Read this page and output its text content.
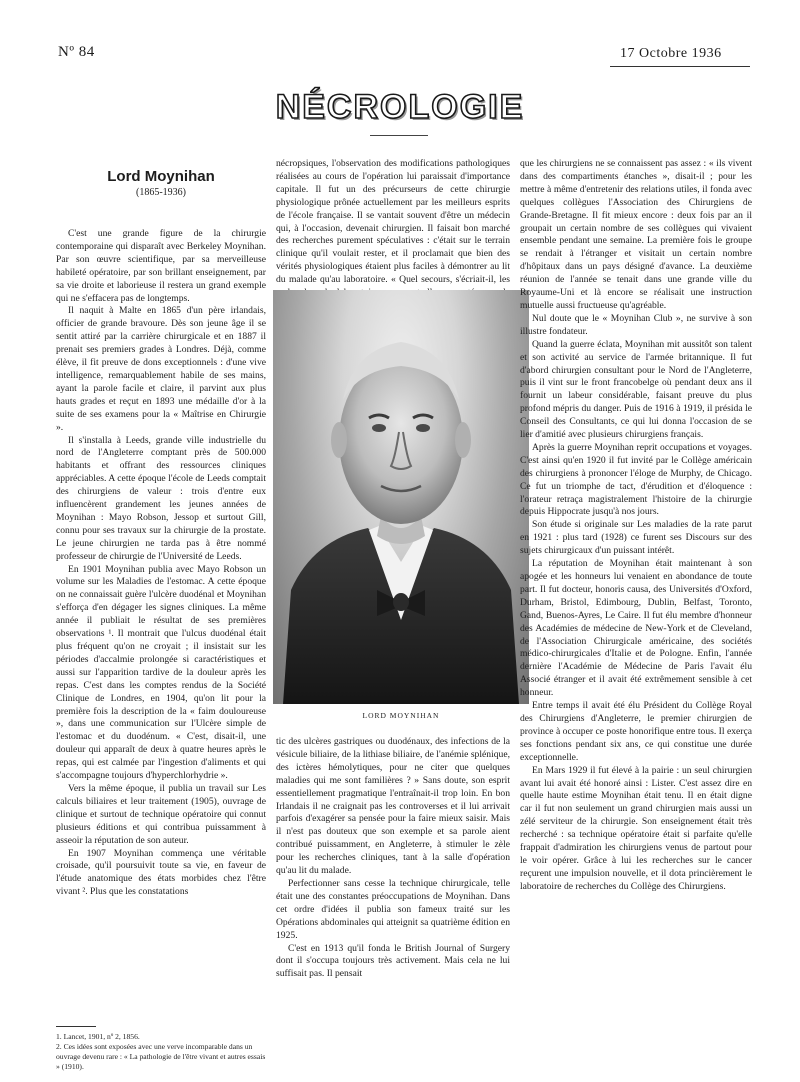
Nº 84	17 Octobre 1936
NÉCROLOGIE
Lord Moynihan
(1865-1936)

C'est une grande figure de la chirurgie contemporaine qui disparaît avec Berkeley Moynihan. Par son œuvre scientifique, par sa merveilleuse habileté opératoire, par son brillant enseignement, par sa vie droite et laborieuse il restera un grand exemple qui ne s'effacera pas de longtemps.

Il naquit à Malte en 1865 d'un père irlandais, officier de grande bravoure. Dès son jeune âge il se sentit attiré par la carrière chirurgicale et en 1887 il prenait ses premiers grades à Londres. Déjà, comme élève, il fit preuve de dons exceptionnels : d'une vive intelligence, remarquablement habile de ses mains, ayant la parole facile et claire, il parvint aux plus hauts grades et reçut en 1893 une médaille d'or à la suite de ses examens pour la « Maîtrise en Chirurgie ».

Il s'installa à Leeds, grande ville industrielle du nord de l'Angleterre comptant près de 500.000 habitants et offrant des ressources cliniques appréciables. A cette époque l'école de Leeds comptait des chirurgiens de valeur : trois d'entre eux influencèrent grandement les jeunes années de Moynihan : Mayo Robson, Jessop et surtout Gill, connu pour ses travaux sur la chirurgie de la prostate. Le jeune chirurgien ne tarda pas à être nommé professeur de chirurgie de l'Université de Leeds.

En 1901 Moynihan publia avec Mayo Robson un volume sur les Maladies de l'estomac. A cette époque on ne connaissait guère l'ulcère duodénal et Moynihan s'efforça d'en dégager les signes cliniques. La même année il publiait le résultat de ses premières observations ¹. Il montrait que l'ulcus duodénal était plus fréquent qu'on ne croyait ; il insistait sur les périodes d'accalmie prolongée si caractéristiques et aussi sur l'apparition tardive de la douleur après les repas. C'est dans les comptes rendus de la Société Clinique de Londres, en 1904, qu'on lit pour la première fois la description de la « faim douloureuse », dans une communication sur l'Ulcère simple de l'estomac et du duodénum. « C'est, disait-il, une douleur qui apparaît de deux à quatre heures après le repas, qui est calmée par l'ingestion d'aliments et qui s'accompagne toujours d'hyperchlorhydrie ».

Vers la même époque, il publia un travail sur Les calculs biliaires et leur traitement (1905), ouvrage de clinique et surtout de technique opératoire qui connut plusieurs éditions et qui contribua puissamment à asseoir la réputation de son auteur.

En 1907 Moynihan commença une véritable croisade, qu'il poursuivit toute sa vie, en faveur de l'étude anatomique des états morbides chez l'être vivant ². Plus que les constatations

nécropsiques, l'observation des modifications pathologiques réalisées au cours de l'opération lui paraissait d'importance capitale. Il fut un des précurseurs de cette chirurgie physiologique prônée actuellement par les meilleurs esprits de l'école française. Il se vantait souvent d'être un médecin qui, à l'occasion, devenait chirurgien. Il faisait bon marché des recherches purement spéculatives : c'était sur le terrain clinique qu'il voulait rester, et il proclamait que bien des vérités physiologiques étaient plus faciles à démontrer au lit du malade qu'au laboratoire. « Quel secours, s'écriait-il, les

LORD MOYNIHAN

tic des ulcères gastriques ou duodénaux, des infections de la vésicule biliaire, de la lithiase biliaire, de l'anémie splénique, des ictères hémolytiques, pour ne citer que quelques maladies qui me sont familières ? » Sans doute, son esprit essentiellement pragmatique l'entraînait-il trop loin. En bon Irlandais il ne craignait pas les controverses et il lui arrivait parfois d'exagérer sa pensée pour la faire mieux saisir. Mais il n'est pas douteux que son exemple et sa parole aient contribué puissamment, en Angleterre, à stimuler le zèle pour les recherches cliniques, tant à la salle d'opération qu'au lit du malade.

Perfectionner sans cesse la technique chirurgicale, telle était une des constantes préoccupations de Moynihan. Dans cet ordre d'idées il publia son fameux traité sur les Opérations abdominales qui atteignit sa quatrième édition en 1925.

C'est en 1913 qu'il fonda le British Journal of Surgery dont il s'occupa toujours très activement. Mais cela ne lui suffisait pas. Il pensait

que les chirurgiens ne se connaissent pas assez : « ils vivent dans des compartiments étanches », disait-il ; pour les mettre à même d'entretenir des relations utiles, il fonda avec quelques collègues l'Association des Chirurgiens de Grande-Bretagne. Il fit mieux encore : deux fois par an il groupait un certain nombre de ses collègues qui vivaient ensemble pendant une semaine. La première fois le groupe se rendait à l'étranger et visitait un certain nombre d'hôpitaux dans un pays désigné d'avance. La deuxième réunion de l'année se tenait dans une grande ville du Royaume-Uni et là encore se réalisait une instruction mutuelle aussi fructueuse qu'agréable.

Nul doute que le « Moynihan Club », ne survive à son illustre fondateur.

Quand la guerre éclata, Moynihan mit aussitôt son talent et son activité au service de l'armée britannique. Il fut d'abord chirurgien consultant pour le Nord de l'Angleterre, puis il vint sur le front francobelge où pendant deux ans il fournit un labeur considérable, faisant preuve du plus profond mépris du danger. Puis de 1916 à 1919, il présida le Conseil des Consultants, ce qui lui donna l'occasion de se lier d'amitié avec plusieurs chirurgiens français.

Après la guerre Moynihan reprit occupations et voyages. C'est ainsi qu'en 1920 il fut invité par le Collège américain des chirurgiens à prononcer l'éloge de Murphy, de Chicago. Ce fut un triomphe de tact, d'érudition et d'éloquence : l'orateur retraça magistralement l'histoire de la chirurgie depuis Hippocrate jusqu'à nos jours.

Son étude si originale sur Les maladies de la rate parut en 1921 : plus tard (1928) ce furent ses Discours sur des sujets chirurgicaux d'un puissant intérêt.

La réputation de Moynihan était maintenant à son apogée et les honneurs lui venaient en abondance de toute part. Il fut docteur, honoris causa, des Universités d'Oxford, Durham, Bristol, Edimbourg, Dublin, Belfast, Toronto, Gand, Buenos-Ayres, Le Caire. Il fut élu membre d'honneur des Académies de médecine de New-York et de Cleveland, de l'Association Chirurgicale américaine, des sociétés médico-chirurgicales d'Italie et de Pologne. Enfin, l'année dernière l'Académie de Médecine de Paris l'avait élu Associé étranger et il avait été extrêmement sensible à cet honneur.

Entre temps il avait été élu Président du Collège Royal des Chirurgiens d'Angleterre, le premier chirurgien de province à occuper ce poste honorifique entre tous. Il exerça ses fonctions pendant six ans, ce qui constitue une durée exceptionnelle.

En Mars 1929 il fut élevé à la pairie : un seul chirurgien avant lui avait été honoré ainsi : Lister. C'est assez dire en quelle haute estime Moynihan était tenu. Il en était digne car il fut non seulement un grand chirurgien mais aussi un zélé serviteur de la chirurgie. Son enseignement était très recherché : sa technique opératoire était si parfaite qu'elle frappait d'admiration les chirurgiens venus de partout pour le voir opérer. Grâce à lui les recherches sur le cancer reçurent une impulsion nouvelle, et il dota princièrement le laboratoire de recherches du Collège des Chirurgiens.

1. Lancet, 1901, nº 2, 1856.
2. Ces idées sont exposées avec une verve incomparable dans un ouvrage devenu rare : « La pathologie de l'être vivant et autres essais » (1910).
